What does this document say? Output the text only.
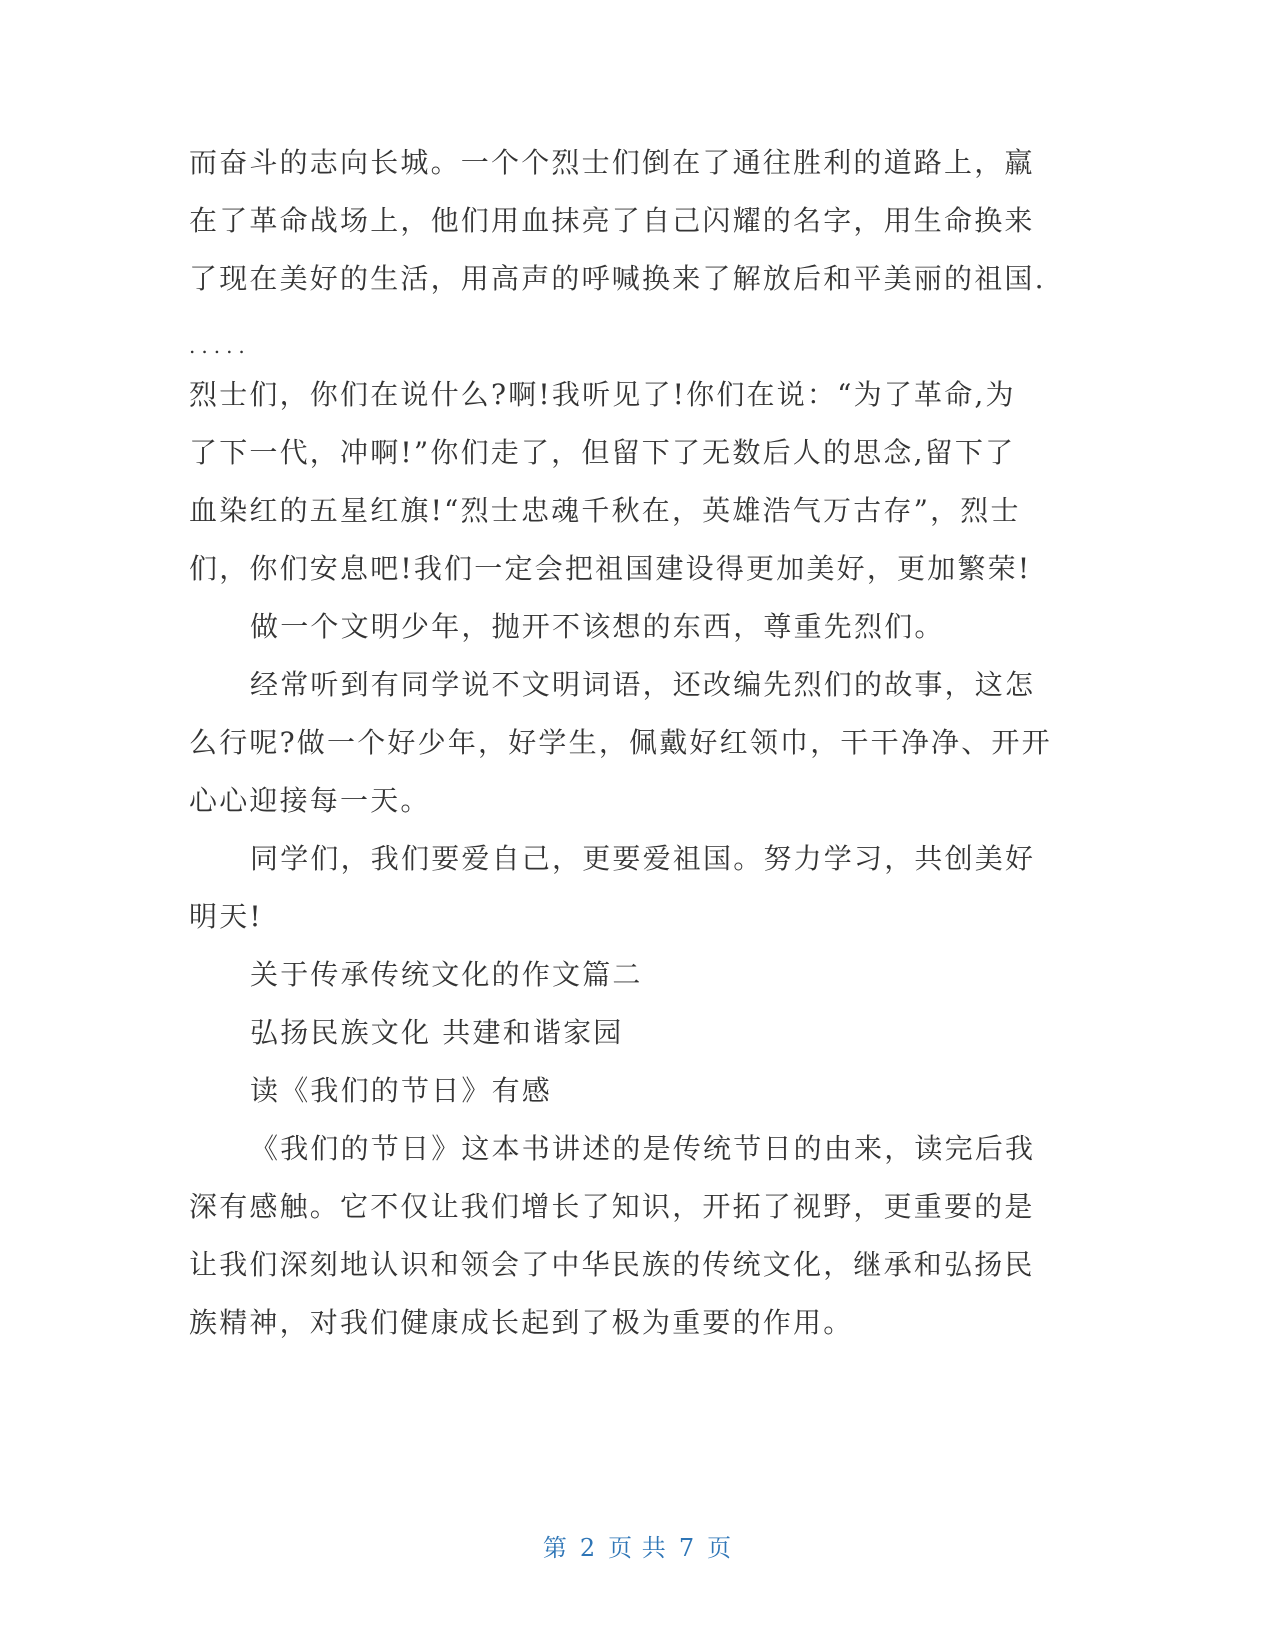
而奋斗的志向长城。一个个烈士们倒在了通往胜利的道路上，羸
在了革命战场上，他们用血抹亮了自己闪耀的名字，用生命换来
了现在美好的生活，用高声的呼喊换来了解放后和平美丽的祖国.
.....
烈士们，你们在说什么?啊!我听见了!你们在说：“为了革命,为
了下一代，冲啊!”你们走了，但留下了无数后人的思念,留下了
血染红的五星红旗!“烈士忠魂千秋在，英雄浩气万古存”，烈士
们，你们安息吧!我们一定会把祖国建设得更加美好，更加繁荣!
做一个文明少年，抛开不该想的东西，尊重先烈们。
经常听到有同学说不文明词语，还改编先烈们的故事，这怎
么行呢?做一个好少年，好学生，佩戴好红领巾，干干净净、开开
心心迎接每一天。
同学们，我们要爱自己，更要爱祖国。努力学习，共创美好
明天!
关于传承传统文化的作文篇二
弘扬民族文化 共建和谐家园
读《我们的节日》有感
《我们的节日》这本书讲述的是传统节日的由来，读完后我
深有感触。它不仅让我们增长了知识，开拓了视野，更重要的是
让我们深刻地认识和领会了中华民族的传统文化，继承和弘扬民
族精神，对我们健康成长起到了极为重要的作用。
第 2 页 共 7 页
